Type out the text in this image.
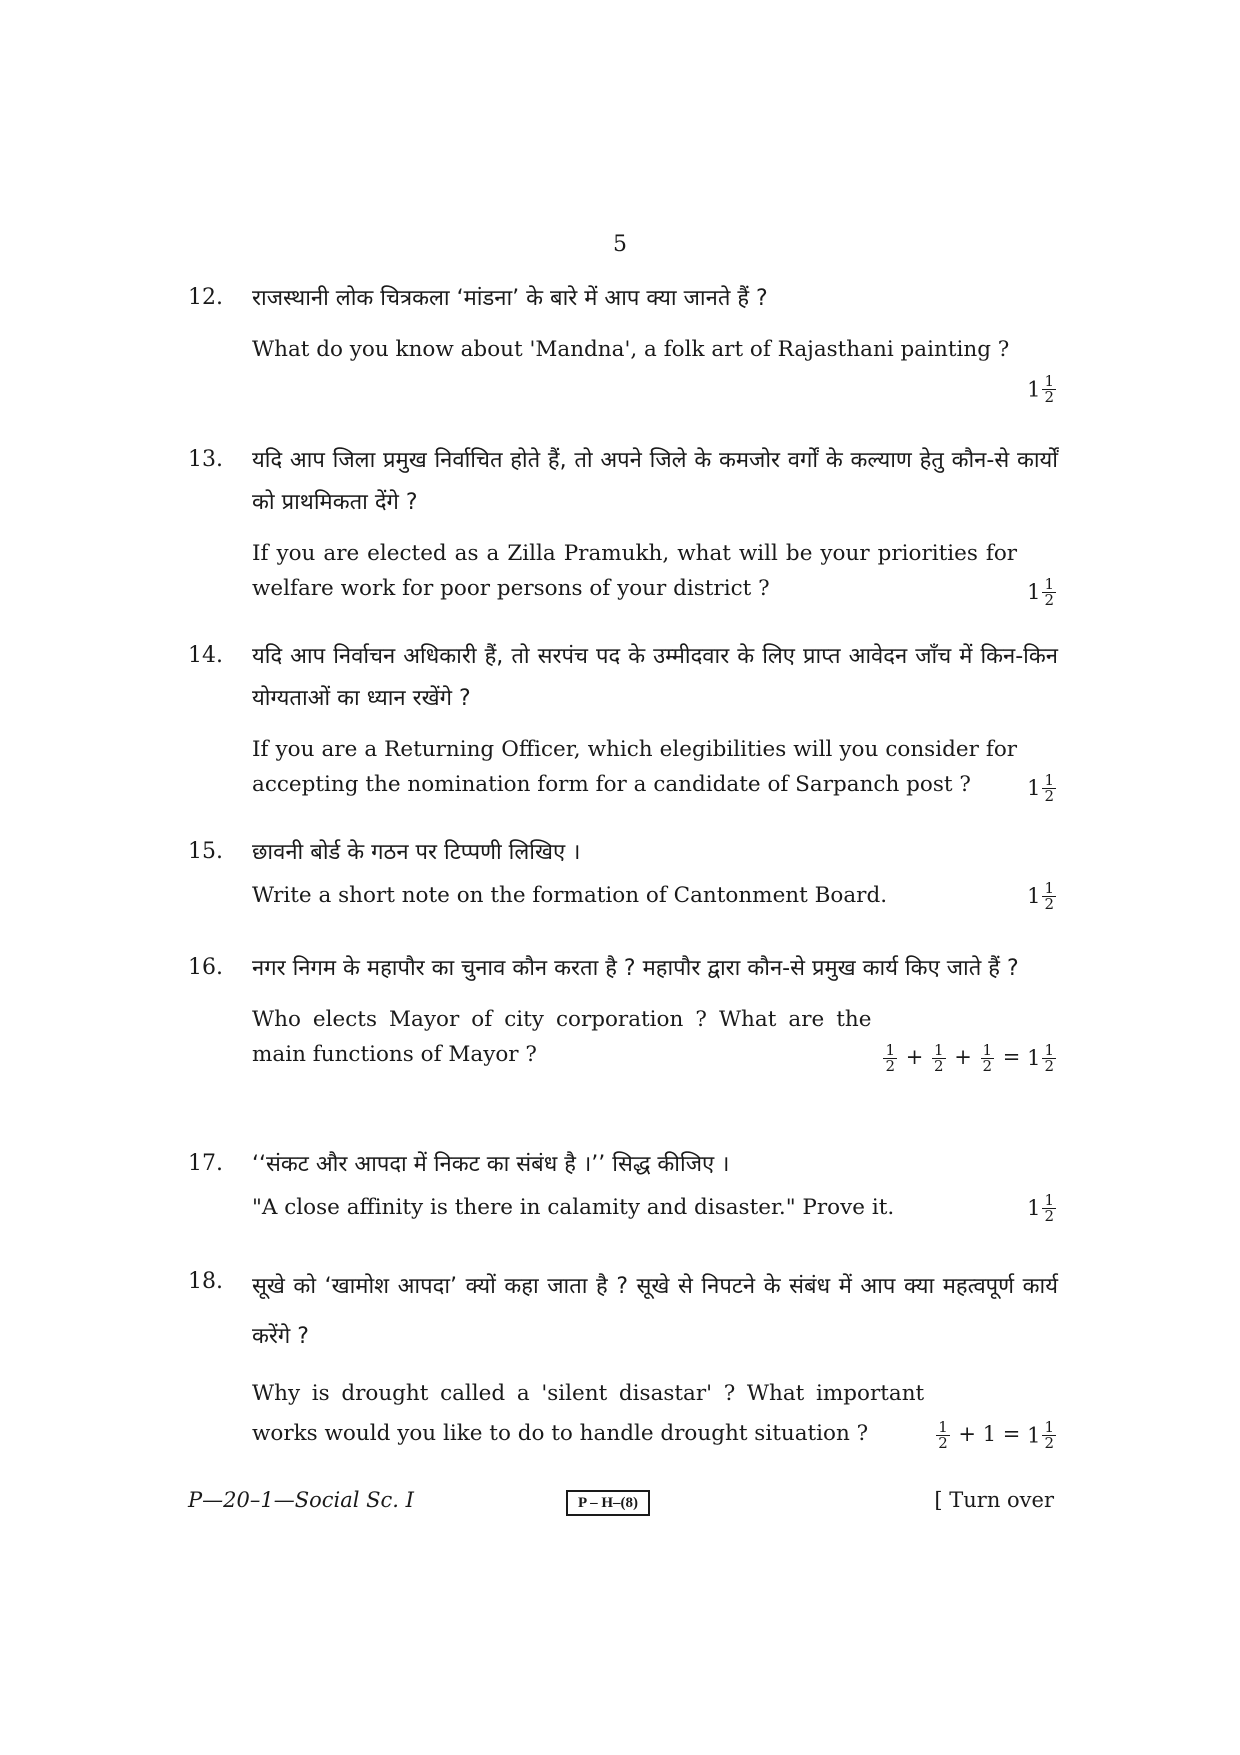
5
12.	राजस्थानी लोक चित्रकला ‘मांडना’ के बारे में आप क्या जानते हैं ?
What do you know about 'Mandna', a folk art of Rajasthani painting ?
$1 \frac{1}{2}$
13.	यदि आप जिला प्रमुख निर्वाचित होते हैं, तो अपने जिले के कमजोर वर्गों के कल्याण हेतु कौन-से कार्यों को प्राथमिकता देंगे ?
$1 \frac{1}{2}$
If you are elected as a Zilla Pramukh, what will be your priorities for welfare work for poor persons of your district ?
14.	यदि आप निर्वाचन अधिकारी हैं, तो सरपंच पद के उम्मीदवार के लिए प्राप्त आवेदन जाँच में किन-किन योग्यताओं का ध्यान रखेंगे ?
$1 \frac{1}{2}$
If you are a Returning Officer, which elegibilities will you consider for accepting the nomination form for a candidate of Sarpanch post ?
15.	छावनी बोर्ड के गठन पर टिप्पणी लिखिए ।
$1 \frac{1}{2}$
Write a short note on the formation of Cantonment Board.
16.	नगर निगम के महापौर का चुनाव कौन करता है ? महापौर द्वारा कौन-से प्रमुख कार्य किए जाते हैं ?
$\frac{1}{2} + \frac{1}{2} + \frac{1}{2} = 1 \frac{1}{2}$
Who elects Mayor of city corporation ? What are the main functions of Mayor ?
17.	‘‘संकट और आपदा में निकट का संबंध है ।’’ सिद्ध कीजिए ।
$1 \frac{1}{2}$
"A close affinity is there in calamity and disaster." Prove it.
18.	सूखे को ‘खामोश आपदा’ क्यों कहा जाता है ? सूखे से निपटने के संबंध में आप क्या महत्वपूर्ण कार्य करेंगे ?
$\frac{1}{2} + 1 = 1 \frac{1}{2}$
Why is drought called a 'silent disastar' ? What important works would you like to do to handle drought situation ?
P—20–1—Social Sc. I	P – H–(8)	[ Turn over
